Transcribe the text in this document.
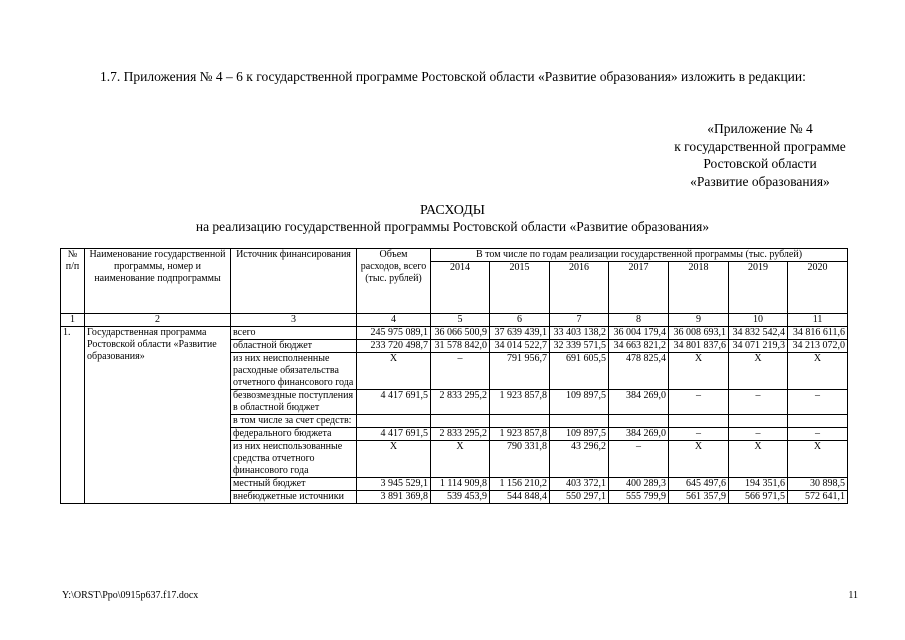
1.7. Приложения № 4 – 6 к государственной программе Ростовской области «Развитие образования» изложить в редакции:
«Приложение № 4
к государственной программе
Ростовской области
«Развитие образования»
РАСХОДЫ
на реализацию государственной программы Ростовской области «Развитие образования»
№ п/п	Наименование государственной программы, номер и наименование подпрограммы	Источник финансирования	Объем расходов, всего (тыс. рублей)	В том числе по годам реализации государственной программы (тыс. рублей)						
				2014	2015	2016	2017	2018	2019	2020
1	2	3	4	5	6	7	8	9	10	11
1.	Государственная программа Ростовской области «Развитие образования»	всего	245 975 089,1	36 066 500,9	37 639 439,1	33 403 138,2	36 004 179,4	36 008 693,1	34 832 542,4	34 816 611,6
		областной бюджет	233 720 498,7	31 578 842,0	34 014 522,7	32 339 571,5	34 663 821,2	34 801 837,6	34 071 219,3	34 213 072,0
		из них неисполненные расходные обязательства отчетного финансового года	X	–	791 956,7	691 605,5	478 825,4	X	X	X
		безвозмездные поступления в областной бюджет	4 417 691,5	2 833 295,2	1 923 857,8	109 897,5	384 269,0	–	–	–
		в том числе за счет средств:								
		федерального бюджета	4 417 691,5	2 833 295,2	1 923 857,8	109 897,5	384 269,0	–	–	–
		из них неиспользованные средства отчетного финансового года	X	X	790 331,8	43 296,2	–	X	X	X
		местный бюджет	3 945 529,1	1 114 909,8	1 156 210,2	403 372,1	400 289,3	645 497,6	194 351,6	30 898,5
		внебюджетные источники	3 891 369,8	539 453,9	544 848,4	550 297,1	555 799,9	561 357,9	566 971,5	572 641,1
Y:\ORST\Ppo\0915p637.f17.docx	11
